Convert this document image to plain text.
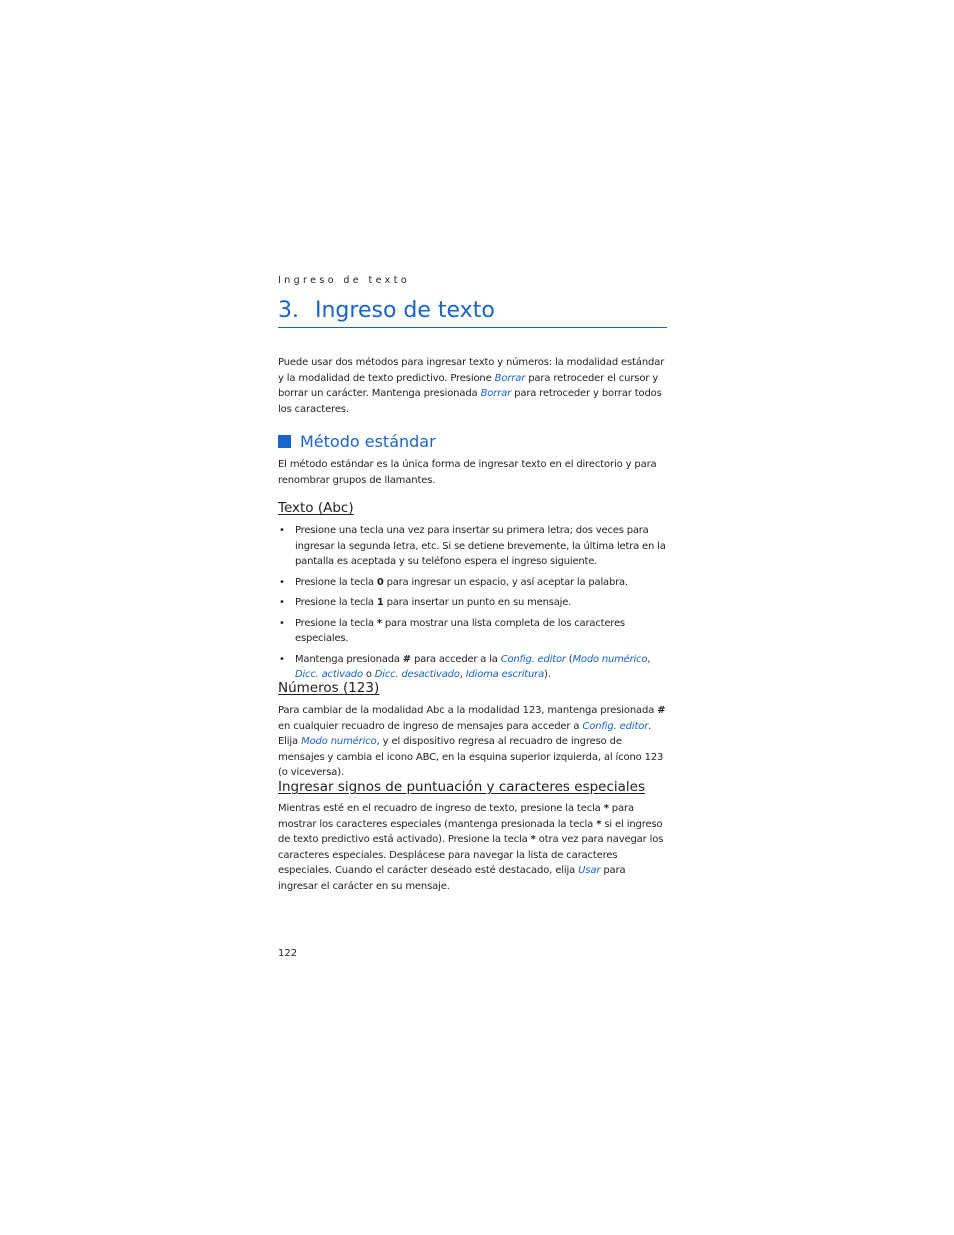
Ingreso de texto
3. Ingreso de texto

Puede usar dos métodos para ingresar texto y números: la modalidad estándar y la modalidad de texto predictivo. Presione Borrar para retroceder el cursor y borrar un carácter. Mantenga presionada Borrar para retroceder y borrar todos los caracteres.

Método estándar

El método estándar es la única forma de ingresar texto en el directorio y para renombrar grupos de llamantes.

Texto (Abc)
• Presione una tecla una vez para insertar su primera letra; dos veces para ingresar la segunda letra, etc. Si se detiene brevemente, la última letra en la pantalla es aceptada y su teléfono espera el ingreso siguiente.
• Presione la tecla 0 para ingresar un espacio, y así aceptar la palabra.
• Presione la tecla 1 para insertar un punto en su mensaje.
• Presione la tecla * para mostrar una lista completa de los caracteres especiales.
• Mantenga presionada # para acceder a la Config. editor (Modo numérico, Dicc. activado o Dicc. desactivado, Idioma escritura).
Números (123)

Para cambiar de la modalidad Abc a la modalidad 123, mantenga presionada # en cualquier recuadro de ingreso de mensajes para acceder a Config. editor. Elija Modo numérico, y el dispositivo regresa al recuadro de ingreso de mensajes y cambia el icono ABC, en la esquina superior izquierda, al ícono 123 (o viceversa).

Ingresar signos de puntuación y caracteres especiales

Mientras esté en el recuadro de ingreso de texto, presione la tecla * para mostrar los caracteres especiales (mantenga presionada la tecla * si el ingreso de texto predictivo está activado). Presione la tecla * otra vez para navegar los caracteres especiales. Desplácese para navegar la lista de caracteres especiales. Cuando el carácter deseado esté destacado, elija Usar para ingresar el carácter en su mensaje.

122
